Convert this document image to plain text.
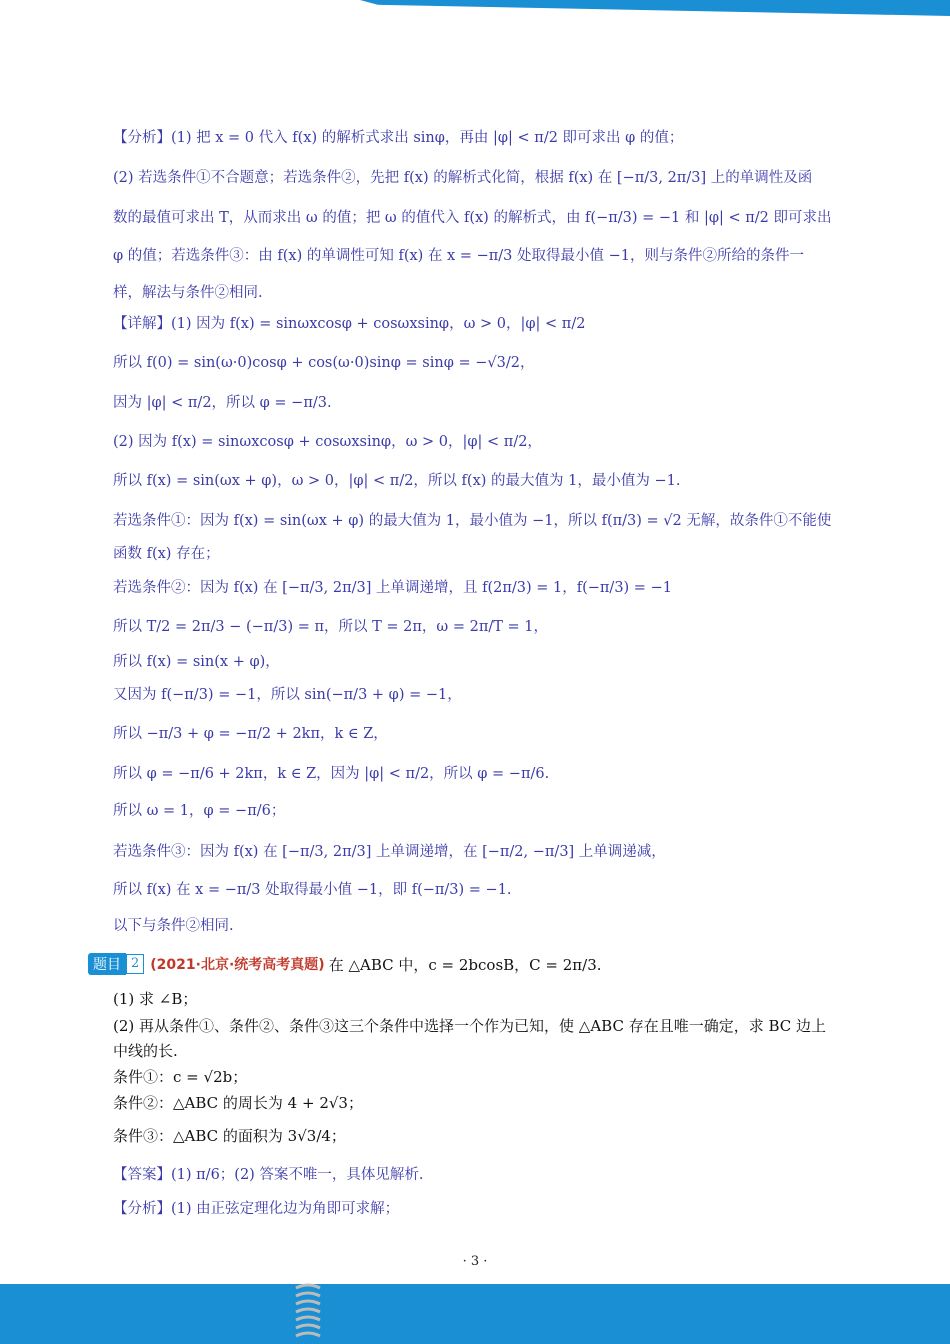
【分析】(1) 把 x = 0 代入 f(x) 的解析式求出 sinφ，再由 |φ| < π/2 即可求出 φ 的值；
(2) 若选条件①不合题意；若选条件②，先把 f(x) 的解析式化简，根据 f(x) 在 [−π/3, 2π/3] 上的单调性及函
数的最值可求出 T，从而求出 ω 的值；把 ω 的值代入 f(x) 的解析式，由 f(−π/3) = −1 和 |φ| < π/2 即可求出
φ 的值；若选条件③：由 f(x) 的单调性可知 f(x) 在 x = −π/3 处取得最小值 −1，则与条件②所给的条件一
样，解法与条件②相同.
【详解】(1) 因为 f(x) = sinωxcosφ + cosωxsinφ，ω > 0，|φ| < π/2
所以 f(0) = sin(ω·0)cosφ + cos(ω·0)sinφ = sinφ = −√3/2，
因为 |φ| < π/2，所以 φ = −π/3.
(2) 因为 f(x) = sinωxcosφ + cosωxsinφ，ω > 0，|φ| < π/2，
所以 f(x) = sin(ωx + φ)，ω > 0，|φ| < π/2，所以 f(x) 的最大值为 1，最小值为 −1.
若选条件①：因为 f(x) = sin(ωx + φ) 的最大值为 1，最小值为 −1，所以 f(π/3) = √2 无解，故条件①不能使
函数 f(x) 存在；
若选条件②：因为 f(x) 在 [−π/3, 2π/3] 上单调递增，且 f(2π/3) = 1，f(−π/3) = −1
所以 T/2 = 2π/3 − (−π/3) = π，所以 T = 2π，ω = 2π/T = 1，
所以 f(x) = sin(x + φ)，
又因为 f(−π/3) = −1，所以 sin(−π/3 + φ) = −1，
所以 −π/3 + φ = −π/2 + 2kπ，k ∈ Z，
所以 φ = −π/6 + 2kπ，k ∈ Z，因为 |φ| < π/2，所以 φ = −π/6.
所以 ω = 1，φ = −π/6；
若选条件③：因为 f(x) 在 [−π/3, 2π/3] 上单调递增，在 [−π/2, −π/3] 上单调递减，
所以 f(x) 在 x = −π/3 处取得最小值 −1，即 f(−π/3) = −1.
以下与条件②相同.
题目 2 (2021·北京·统考高考真题) 在 △ABC 中，c = 2bcosB，C = 2π/3.
(1) 求 ∠B；
(2) 再从条件①、条件②、条件③这三个条件中选择一个作为已知，使 △ABC 存在且唯一确定，求 BC 边上
中线的长.
条件①：c = √2b；
条件②：△ABC 的周长为 4 + 2√3；
条件③：△ABC 的面积为 3√3/4；
【答案】(1) π/6；(2) 答案不唯一，具体见解析.
【分析】(1) 由正弦定理化边为角即可求解；
· 3 ·
